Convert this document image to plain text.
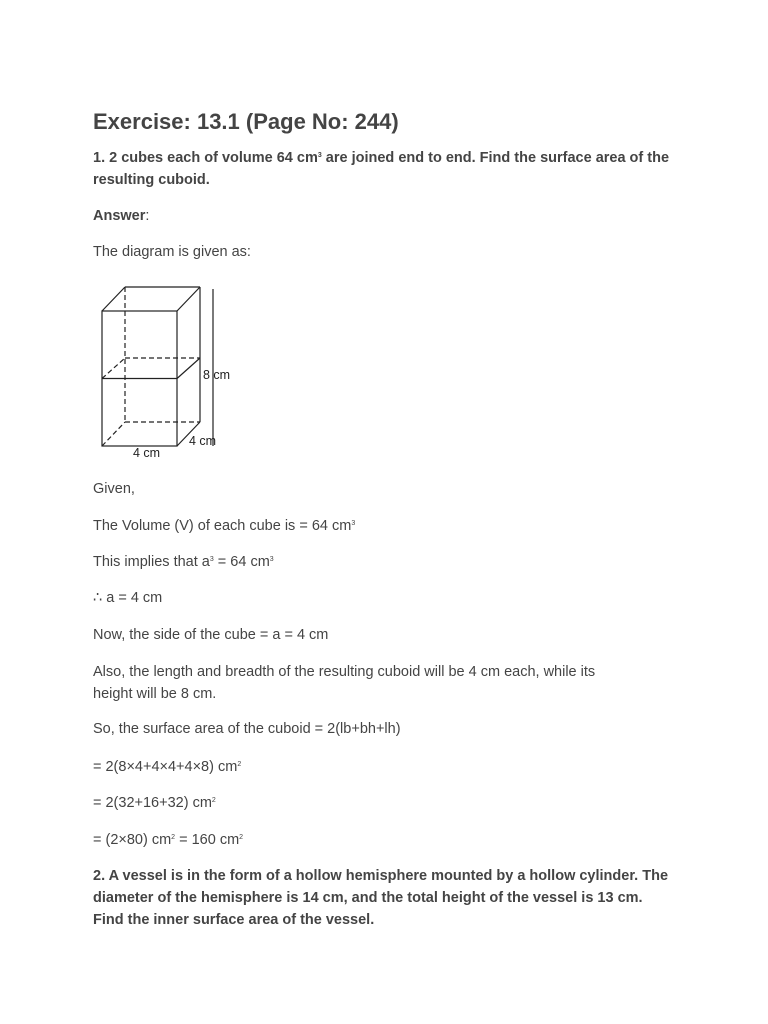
Exercise: 13.1 (Page No: 244)

1. 2 cubes each of volume 64 $cm^3$ are joined end to end. Find the surface area of the resulting cuboid.

Answer:

The diagram is given as:

8 cm
4 cm
4 cm

Given,

The Volume (V) of each cube is = 64 $cm^3$

This implies that $a^3 = 64$ $cm^3$

∴ a = 4 cm

Now, the side of the cube = a = 4 cm

Also, the length and breadth of the resulting cuboid will be 4 cm each, while its height will be 8 cm.

So, the surface area of the cuboid = 2(lb+bh+lh)

= 2(8×4+4×4+4×8) $cm^2$

= 2(32+16+32) $cm^2$

= (2×80) $cm^2 = 160$ $cm^2$

2. A vessel is in the form of a hollow hemisphere mounted by a hollow cylinder. The diameter of the hemisphere is 14 cm, and the total height of the vessel is 13 cm. Find the inner surface area of the vessel.
